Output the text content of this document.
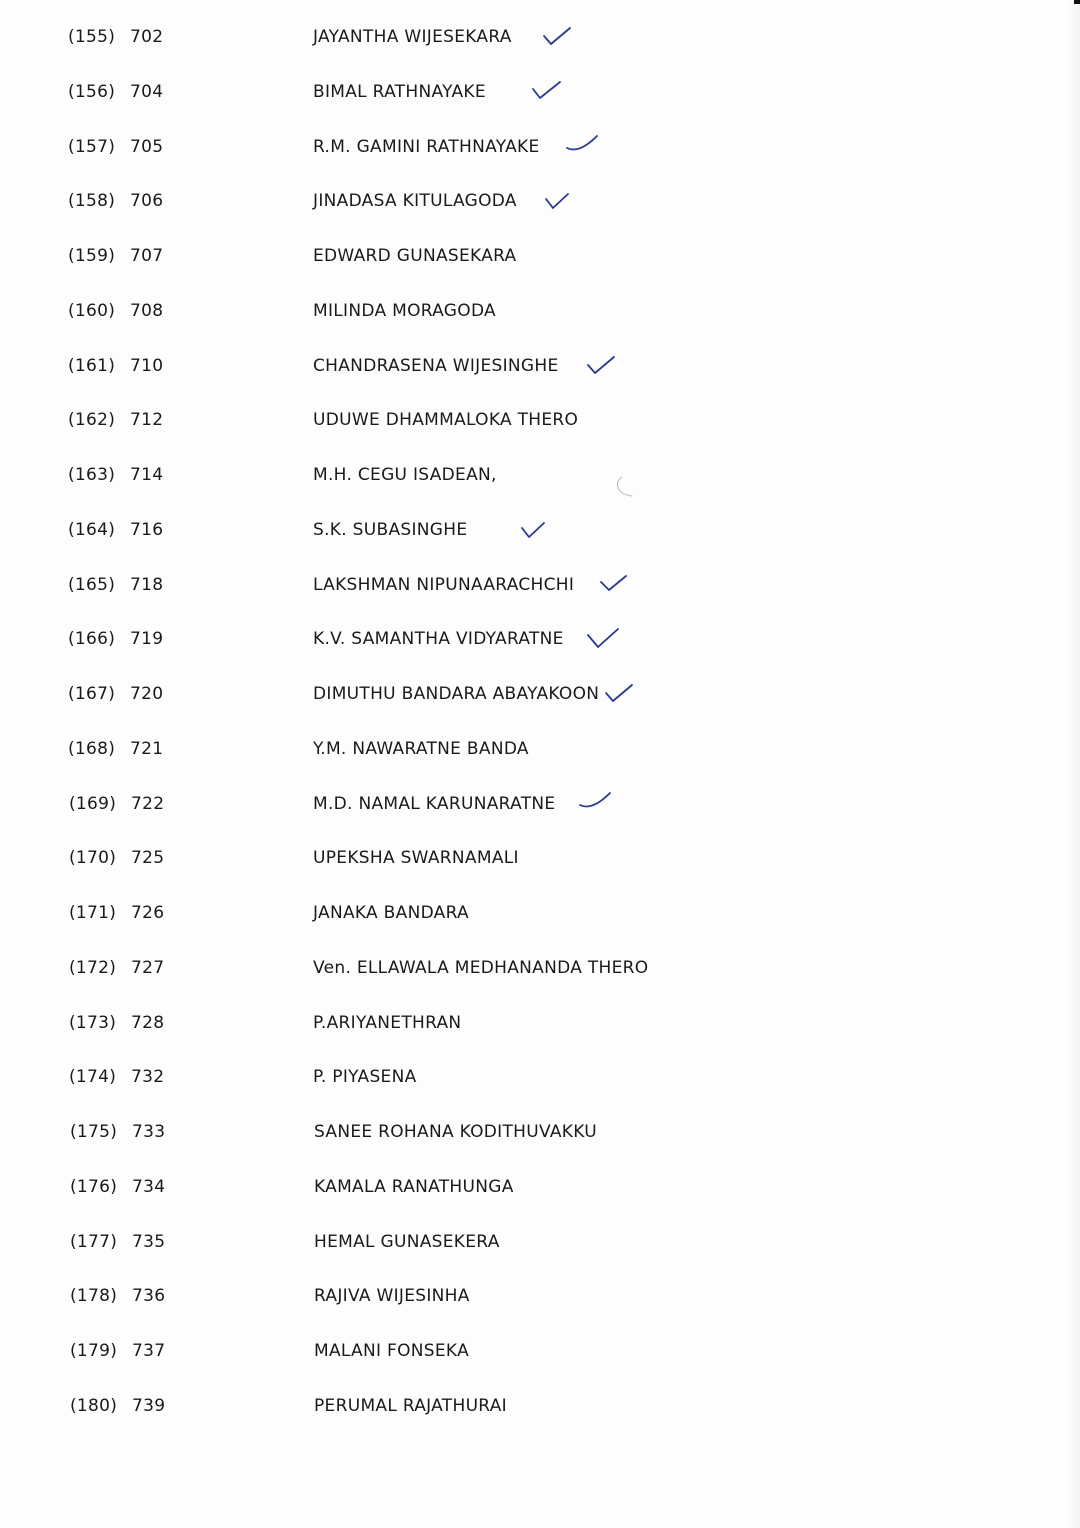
(155) 702	JAYANTHA WIJESEKARA
(156) 704	BIMAL RATHNAYAKE
(157) 705	R.M. GAMINI RATHNAYAKE
(158) 706	JINADASA KITULAGODA
(159) 707	EDWARD GUNASEKARA
(160) 708	MILINDA MORAGODA
(161) 710	CHANDRASENA WIJESINGHE
(162) 712	UDUWE DHAMMALOKA THERO
(163) 714	M.H. CEGU ISADEAN,
(164) 716	S.K. SUBASINGHE
(165) 718	LAKSHMAN NIPUNAARACHCHI
(166) 719	K.V. SAMANTHA VIDYARATNE
(167) 720	DIMUTHU BANDARA ABAYAKOON
(168) 721	Y.M. NAWARATNE BANDA
(169) 722	M.D. NAMAL KARUNARATNE
(170) 725	UPEKSHA SWARNAMALI
(171) 726	JANAKA BANDARA
(172) 727	Ven. ELLAWALA MEDHANANDA THERO
(173) 728	P.ARIYANETHRAN
(174) 732	P. PIYASENA
(175) 733	SANEE ROHANA KODITHUVAKKU
(176) 734	KAMALA RANATHUNGA
(177) 735	HEMAL GUNASEKERA
(178) 736	RAJIVA WIJESINHA
(179) 737	MALANI FONSEKA
(180) 739	PERUMAL RAJATHURAI
